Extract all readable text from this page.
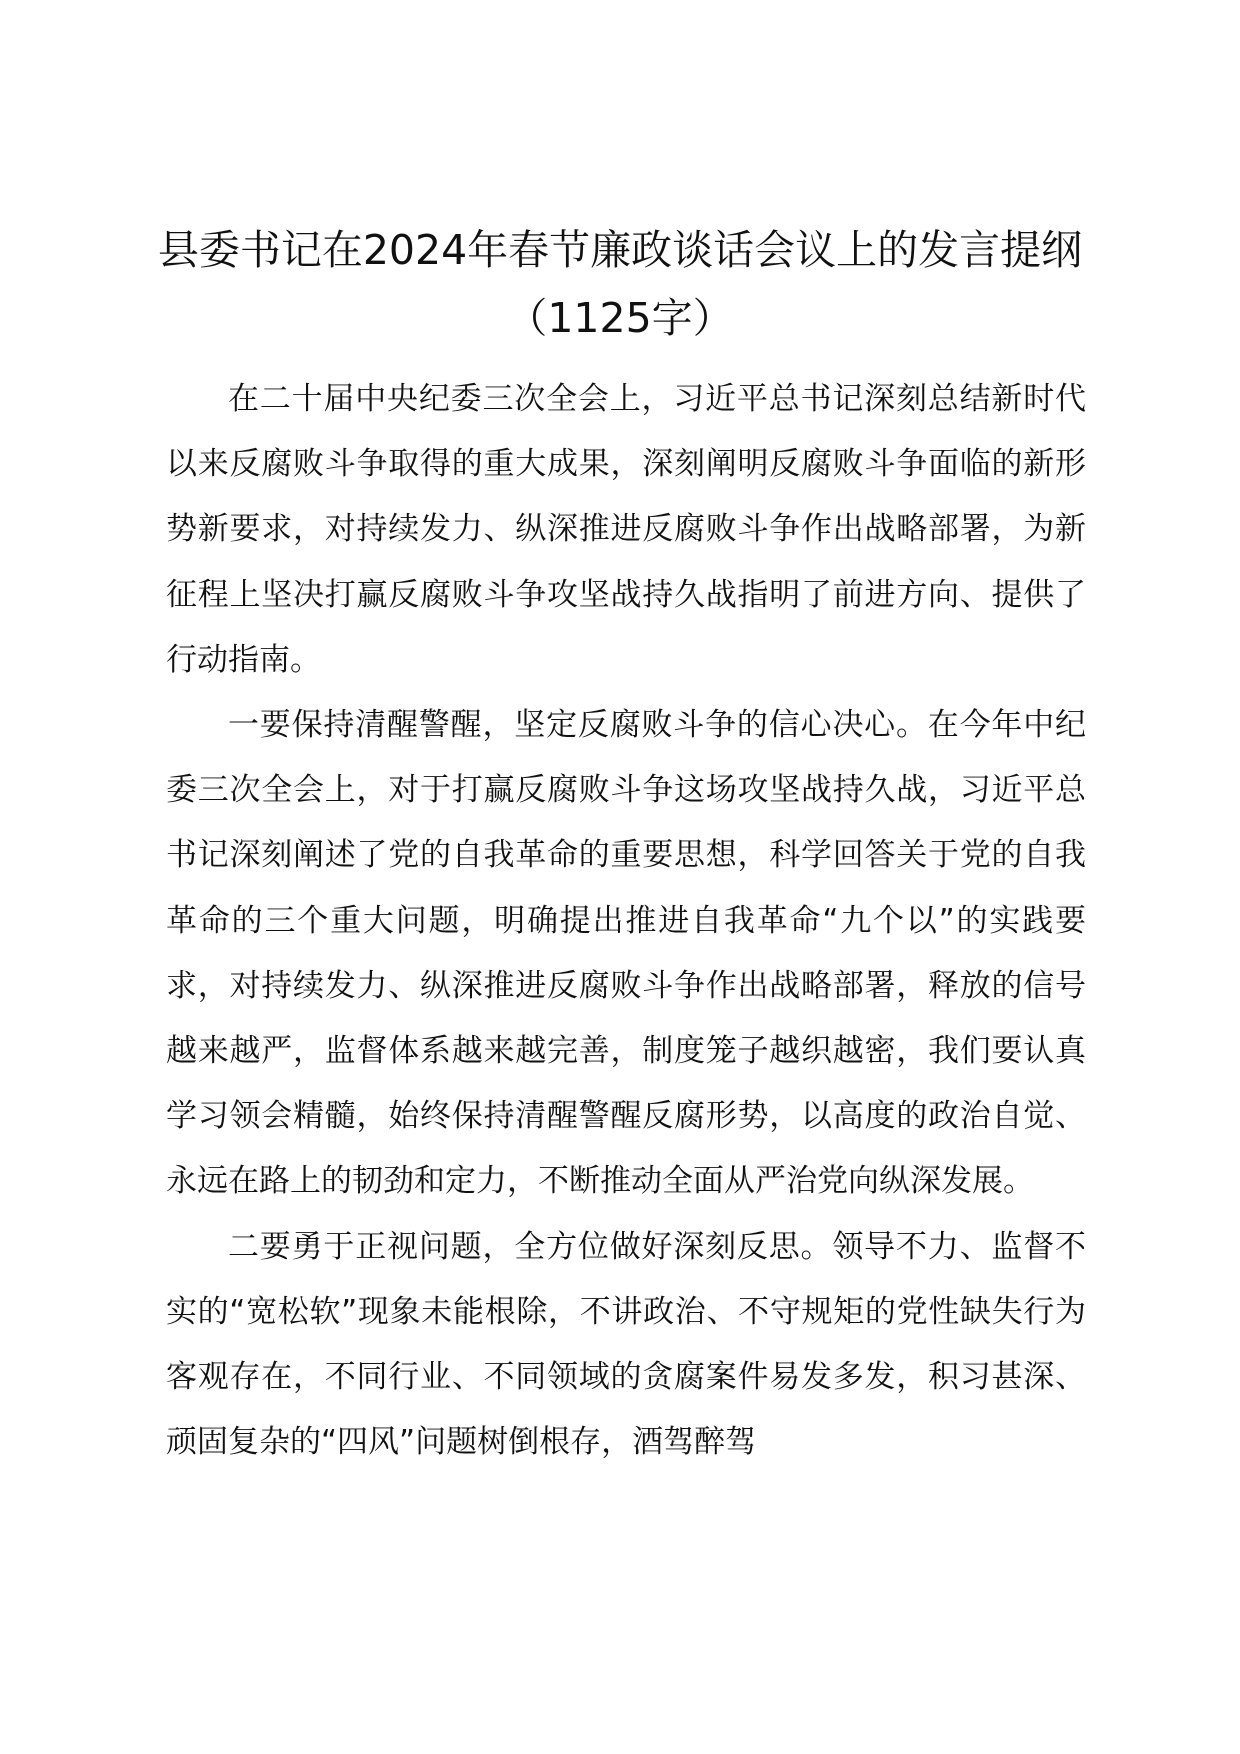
县委书记在2024年春节廉政谈话会议上的发言提纲（1125字）

在二十届中央纪委三次全会上，习近平总书记深刻总结新时代以来反腐败斗争取得的重大成果，深刻阐明反腐败斗争面临的新形势新要求，对持续发力、纵深推进反腐败斗争作出战略部署，为新征程上坚决打赢反腐败斗争攻坚战持久战指明了前进方向、提供了行动指南。

一要保持清醒警醒，坚定反腐败斗争的信心决心。在今年中纪委三次全会上，对于打赢反腐败斗争这场攻坚战持久战，习近平总书记深刻阐述了党的自我革命的重要思想，科学回答关于党的自我革命的三个重大问题，明确提出推进自我革命“九个以”的实践要求，对持续发力、纵深推进反腐败斗争作出战略部署，释放的信号越来越严，监督体系越来越完善，制度笼子越织越密，我们要认真学习领会精髓，始终保持清醒警醒反腐形势，以高度的政治自觉、永远在路上的韧劲和定力，不断推动全面从严治党向纵深发展。

二要勇于正视问题，全方位做好深刻反思。领导不力、监督不实的“宽松软”现象未能根除，不讲政治、不守规矩的党性缺失行为客观存在，不同行业、不同领域的贪腐案件易发多发，积习甚深、顽固复杂的“四风”问题树倒根存，酒驾醉驾
